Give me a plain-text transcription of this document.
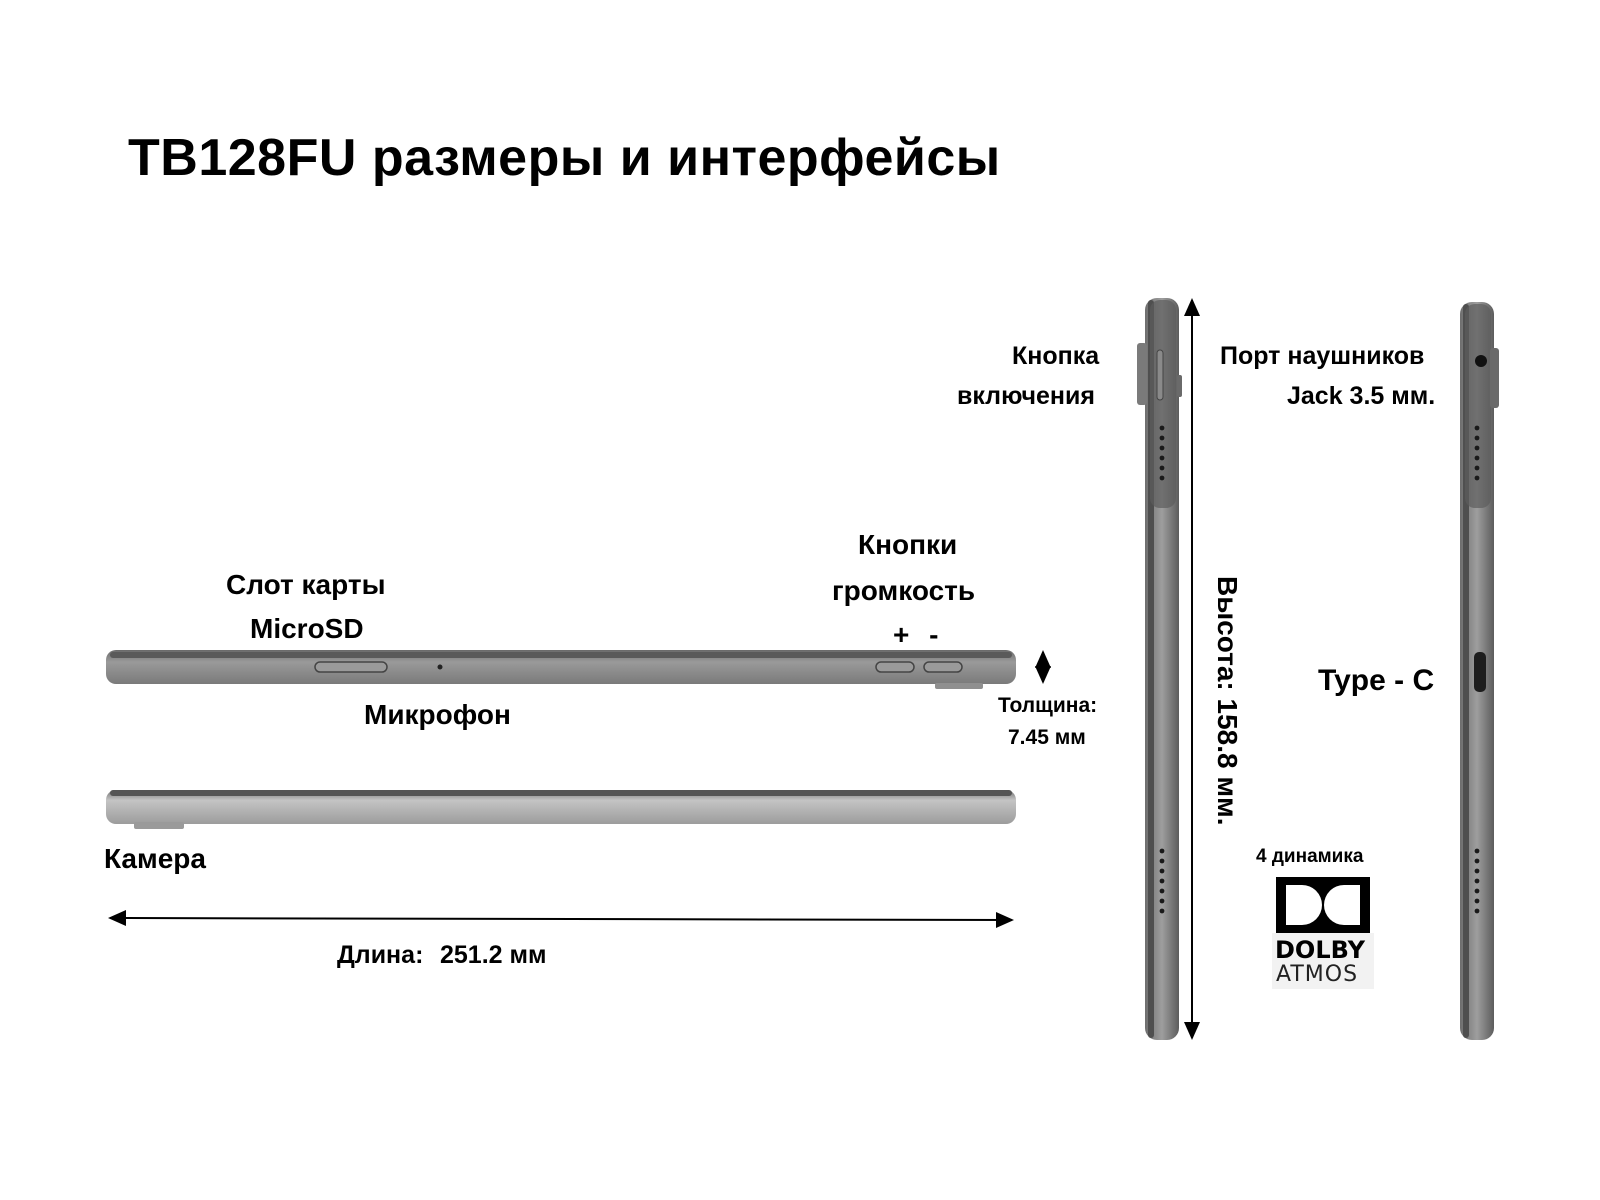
TB128FU размеры и интерфейсы
Слот карты
MicroSD
Микрофон
Кнопки
громкость
+ -
Толщина:
7.45 мм
Камера
Длина: 251.2 мм
Кнопка
включения
Высота: 158.8 мм.
Порт наушников
Jack 3.5 мм.
Type - C
4 динамика
DOLBY
ATMOS
